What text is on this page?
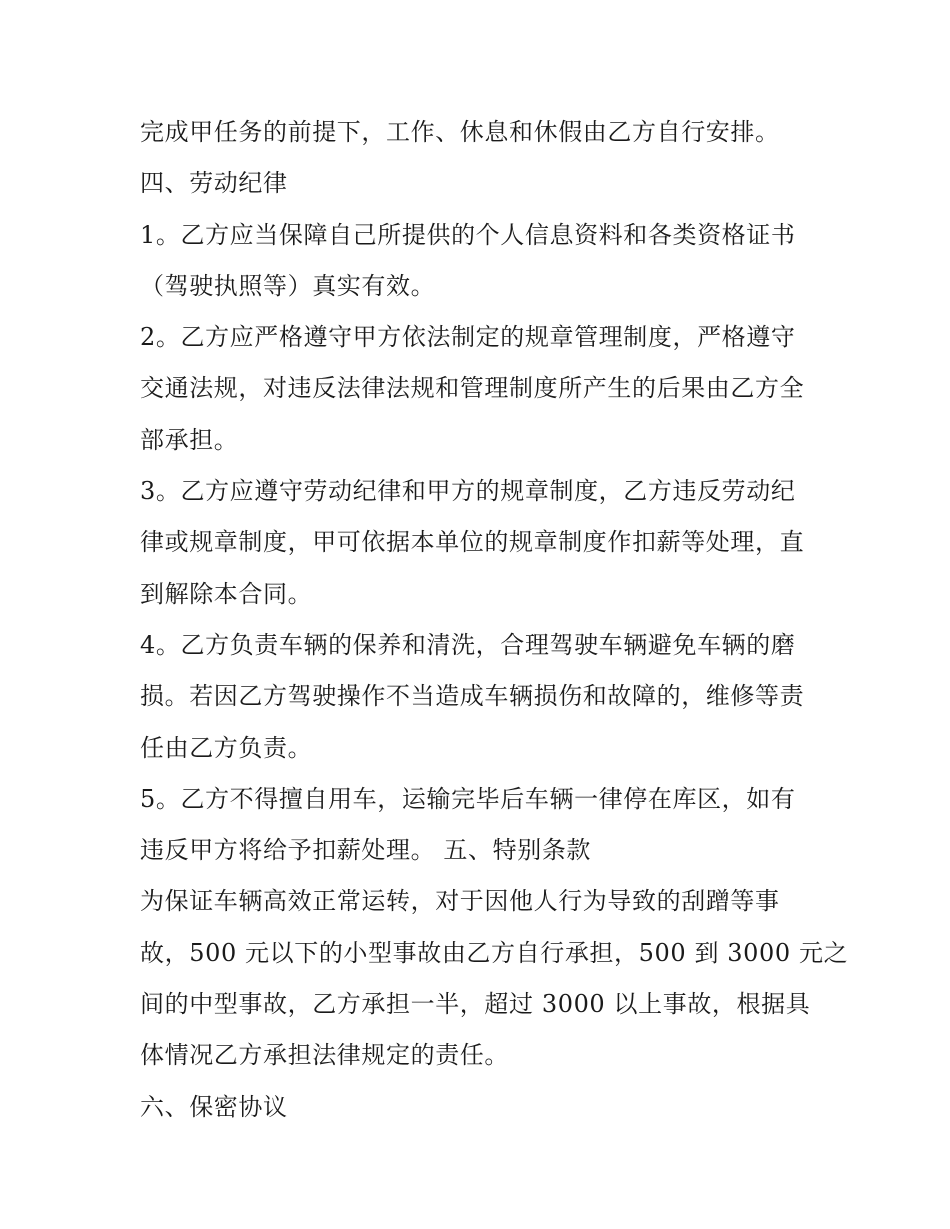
完成甲任务的前提下，工作、休息和休假由乙方自行安排。
四、劳动纪律
1。乙方应当保障自己所提供的个人信息资料和各类资格证书
（驾驶执照等）真实有效。
2。乙方应严格遵守甲方依法制定的规章管理制度，严格遵守
交通法规，对违反法律法规和管理制度所产生的后果由乙方全
部承担。
3。乙方应遵守劳动纪律和甲方的规章制度，乙方违反劳动纪
律或规章制度，甲可依据本单位的规章制度作扣薪等处理，直
到解除本合同。
4。乙方负责车辆的保养和清洗，合理驾驶车辆避免车辆的磨
损。若因乙方驾驶操作不当造成车辆损伤和故障的，维修等责
任由乙方负责。
5。乙方不得擅自用车，运输完毕后车辆一律停在库区，如有
违反甲方将给予扣薪处理。 五、特别条款
为保证车辆高效正常运转，对于因他人行为导致的刮蹭等事
故，500 元以下的小型事故由乙方自行承担，500 到 3000 元之
间的中型事故，乙方承担一半，超过 3000 以上事故，根据具
体情况乙方承担法律规定的责任。
六、保密协议
